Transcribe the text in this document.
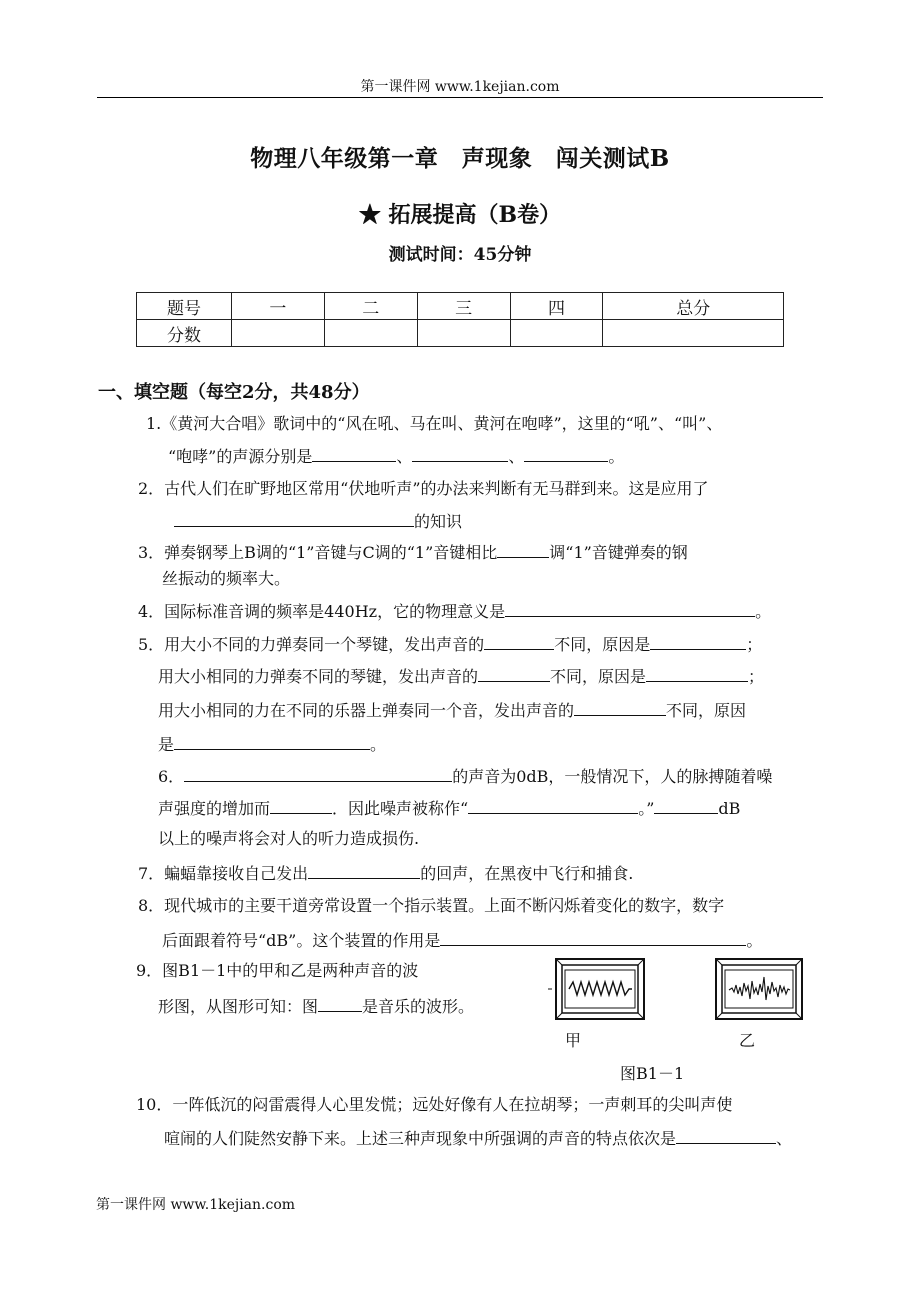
第一课件网 www.1kejian.com
物理八年级第一章　声现象　闯关测试B
★ 拓展提高（B卷）
测试时间：45分钟
题号	一	二	三	四	总分
分数					
一、填空题（每空2分，共48分）
1.《黄河大合唱》歌词中的“风在吼、马在叫、黄河在咆哮”，这里的“吼”、“叫”、
“咆哮”的声源分别是	、	、	。
2．古代人们在旷野地区常用“伏地听声”的办法来判断有无马群到来。这是应用了
的知识
3．弹奏钢琴上B调的“1”音键与C调的“1”音键相比	调“1”音键弹奏的钢
丝振动的频率大。
4．国际标准音调的频率是440Hz，它的物理意义是	。
5．用大小不同的力弹奏同一个琴键，发出声音的	不同，原因是	；
用大小相同的力弹奏不同的琴键，发出声音的	不同，原因是	；
用大小相同的力在不同的乐器上弹奏同一个音，发出声音的	不同，原因
是	。
6．	的声音为0dB，一般情况下，人的脉搏随着噪
声强度的增加而	．因此噪声被称作“	。”	dB
以上的噪声将会对人的听力造成损伤.
7．蝙蝠靠接收自己发出	的回声，在黑夜中飞行和捕食.
8．现代城市的主要干道旁常设置一个指示装置。上面不断闪烁着变化的数字，数字
后面跟着符号“dB”。这个装置的作用是	。
9．图B1－1中的甲和乙是两种声音的波
形图，从图形可知：图	是音乐的波形。
甲	乙
图B1－1
10．一阵低沉的闷雷震得人心里发慌；远处好像有人在拉胡琴；一声刺耳的尖叫声使
喧闹的人们陡然安静下来。上述三种声现象中所强调的声音的特点依次是	、
第一课件网 www.1kejian.com
